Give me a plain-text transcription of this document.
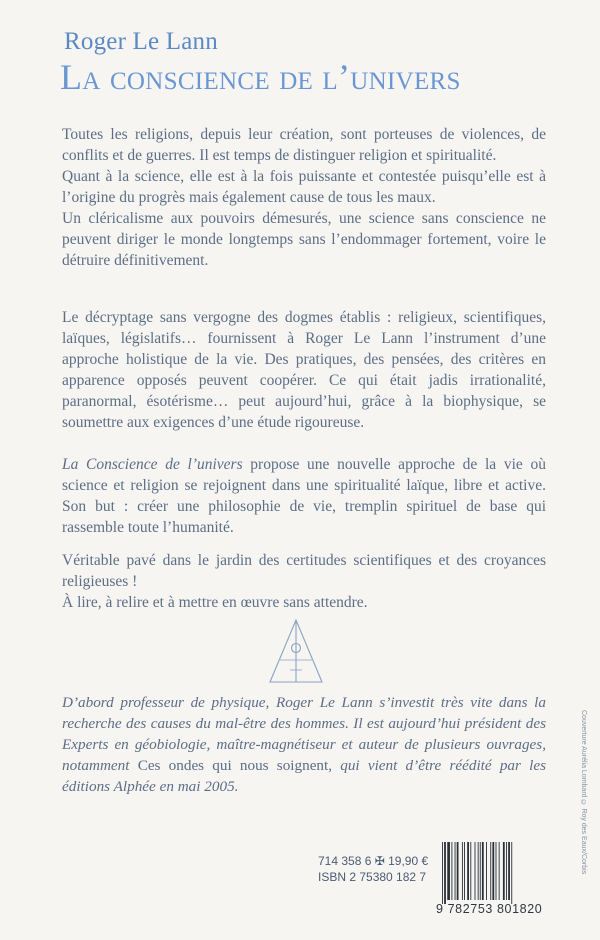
Roger Le Lann
La conscience de l’univers

Toutes les religions, depuis leur création, sont porteuses de violences, de conflits et de guerres. Il est temps de distinguer religion et spiritualité.

Quant à la science, elle est à la fois puissante et contestée puisqu’elle est à l’origine du progrès mais également cause de tous les maux.

Un cléricalisme aux pouvoirs démesurés, une science sans conscience ne peuvent diriger le monde longtemps sans l’endommager fortement, voire le détruire définitivement.

Le décryptage sans vergogne des dogmes établis : religieux, scientifiques, laïques, législatifs… fournissent à Roger Le Lann l’instrument d’une approche holistique de la vie. Des pratiques, des pensées, des critères en apparence opposés peuvent coopérer. Ce qui était jadis irrationalité, paranormal, ésotérisme… peut aujourd’hui, grâce à la biophysique, se soumettre aux exigences d’une étude rigoureuse.

La Conscience de l’univers propose une nouvelle approche de la vie où science et religion se rejoignent dans une spiritualité laïque, libre et active. Son but : créer une philosophie de vie, tremplin spirituel de base qui rassemble toute l’humanité.

Véritable pavé dans le jardin des certitudes scientifiques et des croyances religieuses !

À lire, à relire et à mettre en œuvre sans attendre.

D’abord professeur de physique, Roger Le Lann s’investit très vite dans la recherche des causes du mal-être des hommes. Il est aujourd’hui président des Experts en géobiologie, maître-magnétiseur et auteur de plusieurs ouvrages, notamment Ces ondes qui nous soignent, qui vient d’être réédité par les éditions Alphée en mai 2005.
714 358 6 ✠ 19,90 €
ISBN 2 75380 182 7
9 782753 801820
Couverture Aurélia Lombard © Roy des Eaux/Corbis
